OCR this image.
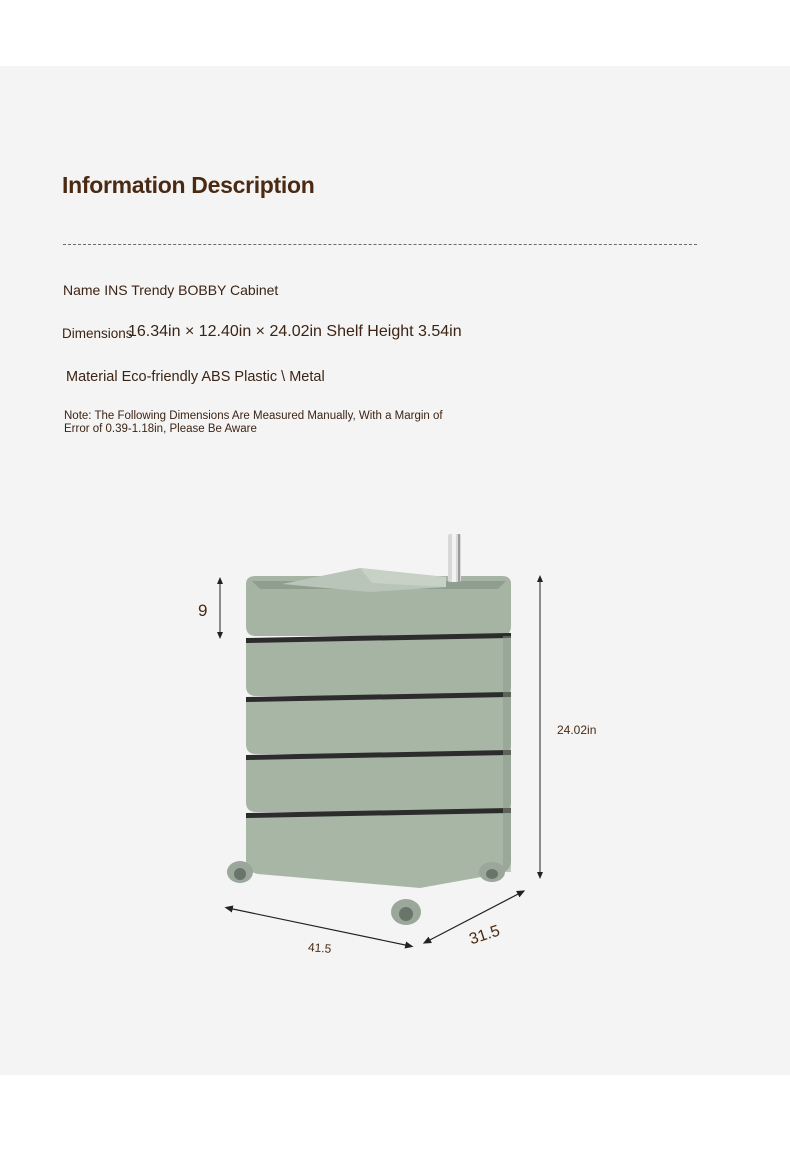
Information Description
Name INS Trendy BOBBY Cabinet
Dimensions
16.34in × 12.40in × 24.02in Shelf Height 3.54in
Material Eco-friendly ABS Plastic \ Metal
Note: The Following Dimensions Are Measured Manually, With a Margin of Error of 0.39-1.18in, Please Be Aware
9
24.02in
41.5	31.5
